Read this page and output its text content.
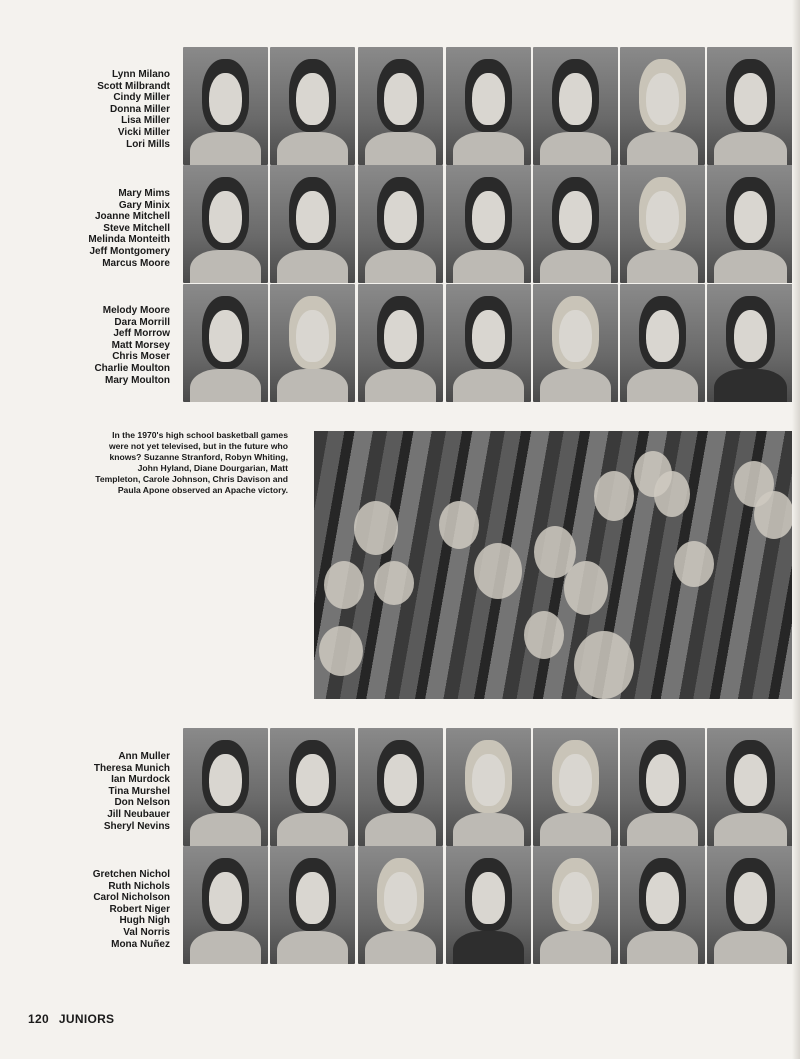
Lynn Milano
Scott Milbrandt
Cindy Miller
Donna Miller
Lisa Miller
Vicki Miller
Lori Mills
Mary Mims
Gary Minix
Joanne Mitchell
Steve Mitchell
Melinda Monteith
Jeff Montgomery
Marcus Moore
Melody Moore
Dara Morrill
Jeff Morrow
Matt Morsey
Chris Moser
Charlie Moulton
Mary Moulton
Ann Muller
Theresa Munich
Ian Murdock
Tina Murshel
Don Nelson
Jill Neubauer
Sheryl Nevins
Gretchen Nichol
Ruth Nichols
Carol Nicholson
Robert Niger
Hugh Nigh
Val Norris
Mona Nuñez
In the 1970's high school basketball games were not yet televised, but in the future who knows? Suzanne Stranford, Robyn Whiting, John Hyland, Diane Dourgarian, Matt Templeton, Carole Johnson, Chris Davison and Paula Apone observed an Apache victory.
120 JUNIORS
